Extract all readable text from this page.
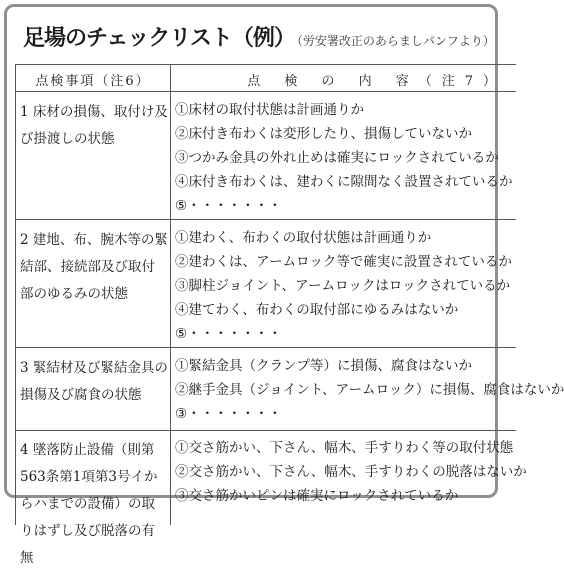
足場のチェックリスト（例） （労安署改正のあらましパンフより）
点検事項（注6）	点 検 の 内 容（注7）
1 床材の損傷、取付け及び掛渡しの状態
①床材の取付状態は計画通りか
②床付き布わくは変形したり、損傷していないか
③つかみ金具の外れ止めは確実にロックされているか
④床付き布わくは、建わくに隙間なく設置されているか
⑤・・・・・・・
2 建地、布、腕木等の緊結部、接続部及び取付部のゆるみの状態
①建わく、布わくの取付状態は計画通りか
②建わくは、アームロック等で確実に設置されているか
③脚柱ジョイント、アームロックはロックされているか
④建てわく、布わくの取付部にゆるみはないか
⑤・・・・・・・
3 緊結材及び緊結金具の損傷及び腐食の状態
①緊結金具（クランプ等）に損傷、腐食はないか
②継手金具（ジョイント、アームロック）に損傷、腐食はないか
③・・・・・・・
4 墜落防止設備（則第563条第1項第3号イからハまでの設備）の取りはずし及び脱落の有無
①交さ筋かい、下さん、幅木、手すりわく等の取付状態
②交さ筋かい、下さん、幅木、手すりわくの脱落はないか
③交さ筋かいピンは確実にロックされているか
